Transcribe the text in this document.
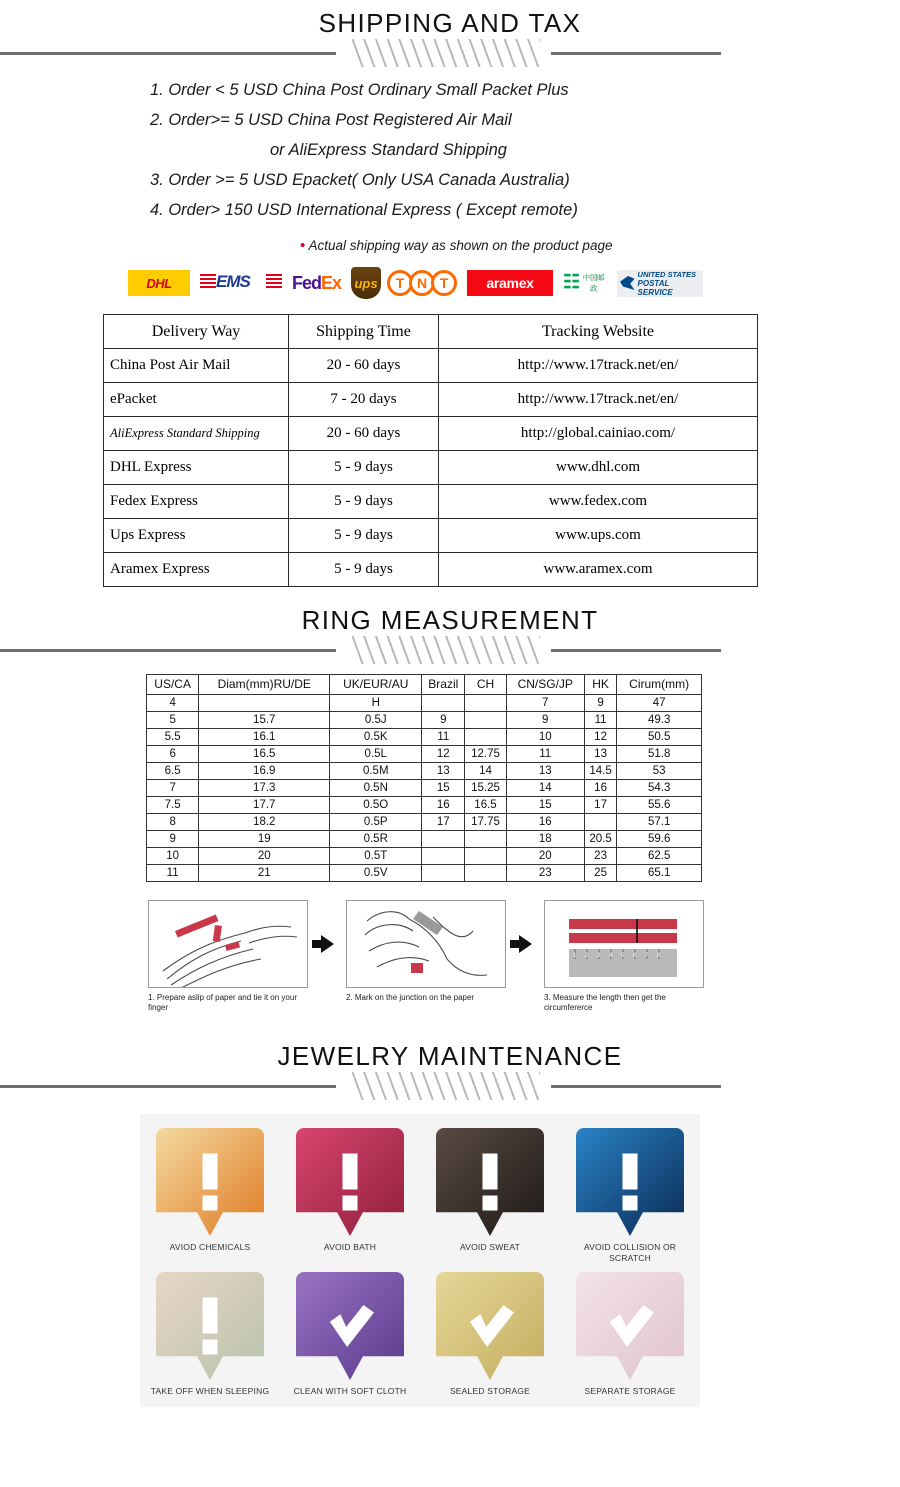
SHIPPING AND TAX
1. Order < 5 USD China Post Ordinary Small Packet Plus
2. Order>= 5 USD China Post Registered Air Mail
or AliExpress Standard Shipping
3. Order >= 5 USD Epacket( Only USA Canada Australia)
4. Order> 150 USD International Express ( Except remote)
• Actual shipping way as shown on the product page
DHL	EMS Fed Ex ups	T N T	aramex ☷ 中国邮政
UNITED STATES
POSTAL SERVICE
Delivery Way	Shipping Time	Tracking Website
China Post Air Mail	20 - 60 days	http://www.17track.net/en/
ePacket	7 - 20 days	http://www.17track.net/en/
AliExpress Standard Shipping	20 - 60 days	http://global.cainiao.com/
DHL Express	5 - 9 days	www.dhl.com
Fedex Express	5 - 9 days	www.fedex.com
Ups Express	5 - 9 days	www.ups.com
Aramex Express	5 - 9 days	www.aramex.com
RING MEASUREMENT
US/CA	Diam(mm)RU/DE	UK/EUR/AU	Brazil	CH	CN/SG/JP	HK	Cirum(mm)
4		H			7	9	47
5	15.7	0.5J	9		9	11	49.3
5.5	16.1	0.5K	11		10	12	50.5
6	16.5	0.5L	12	12.75	11	13	51.8
6.5	16.9	0.5M	13	14	13	14.5	53
7	17.3	0.5N	15	15.25	14	16	54.3
7.5	17.7	0.5O	16	16.5	15	17	55.6
8	18.2	0.5P	17	17.75	16		57.1
9	19	0.5R			18	20.5	59.6
10	20	0.5T			20	23	62.5
11	21	0.5V			23	25	65.1
1. Prepare aslip of paper and tie it on your finger
2. Mark on the junction on the paper
1 2 3 4 5 6 7 8
3. Measure the length then get the circumfererce
JEWELRY MAINTENANCE
AVIOD CHEMICALS	AVOID BATH	AVOID SWEAT	AVOID COLLISION OR SCRATCH
TAKE OFF WHEN SLEEPING	CLEAN WITH SOFT CLOTH	SEALED STORAGE	SEPARATE STORAGE
